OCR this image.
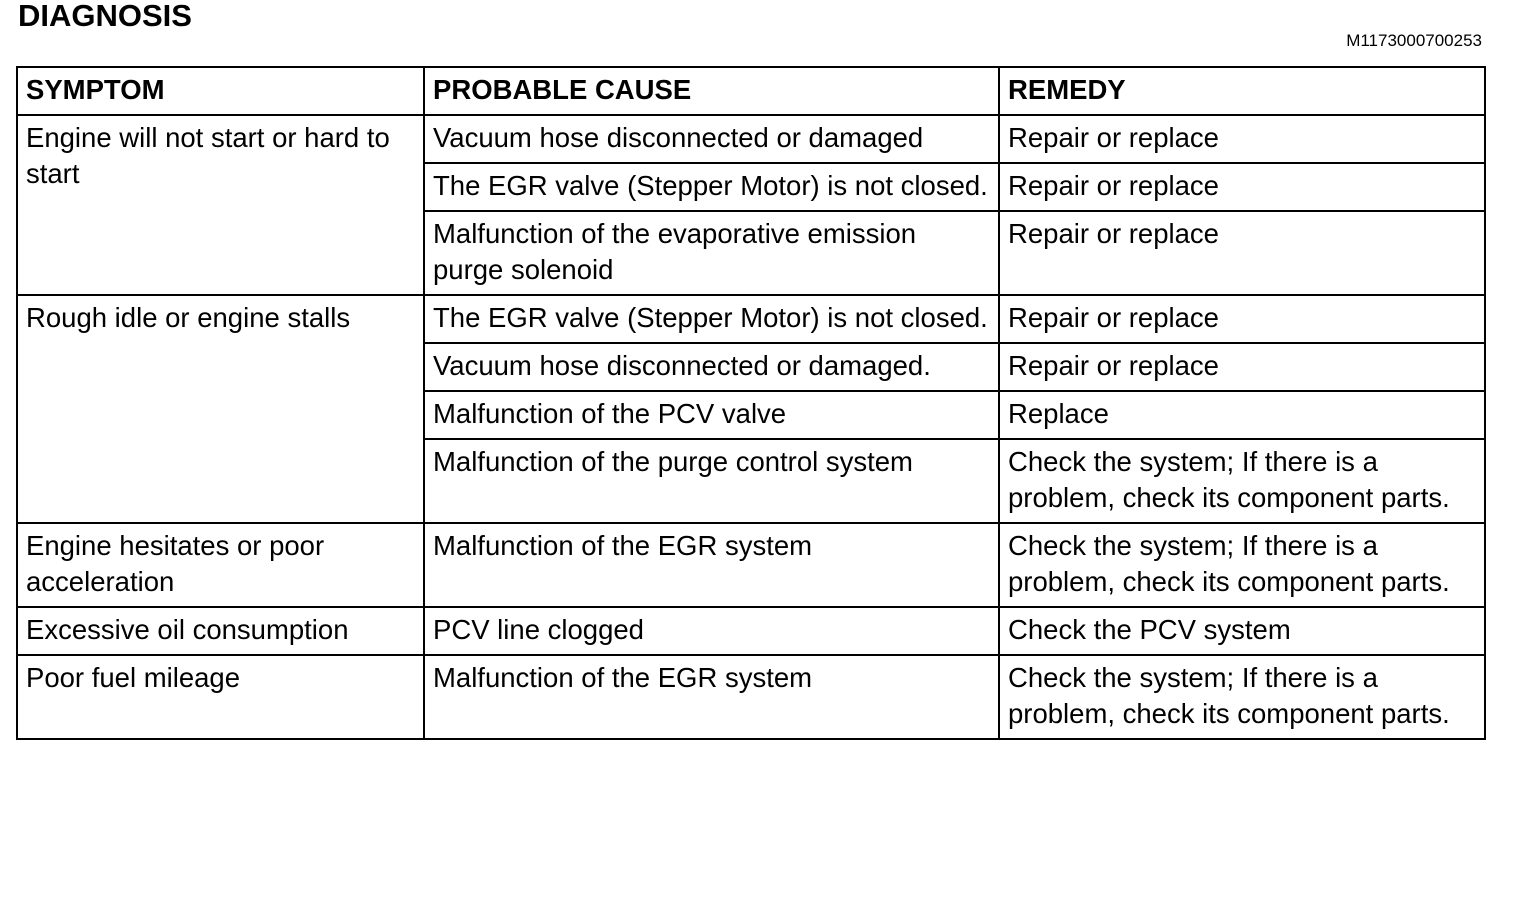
DIAGNOSIS
M1173000700253
SYMPTOM	PROBABLE CAUSE	REMEDY
Engine will not start or hard to start	Vacuum hose disconnected or damaged	Repair or replace
	The EGR valve (Stepper Motor) is not closed.	Repair or replace
	Malfunction of the evaporative emission purge solenoid	Repair or replace
Rough idle or engine stalls	The EGR valve (Stepper Motor) is not closed.	Repair or replace
	Vacuum hose disconnected or damaged.	Repair or replace
	Malfunction of the PCV valve	Replace
	Malfunction of the purge control system	Check the system; If there is a problem, check its component parts.
Engine hesitates or poor acceleration	Malfunction of the EGR system	Check the system; If there is a problem, check its component parts.
Excessive oil consumption	PCV line clogged	Check the PCV system
Poor fuel mileage	Malfunction of the EGR system	Check the system; If there is a problem, check its component parts.
